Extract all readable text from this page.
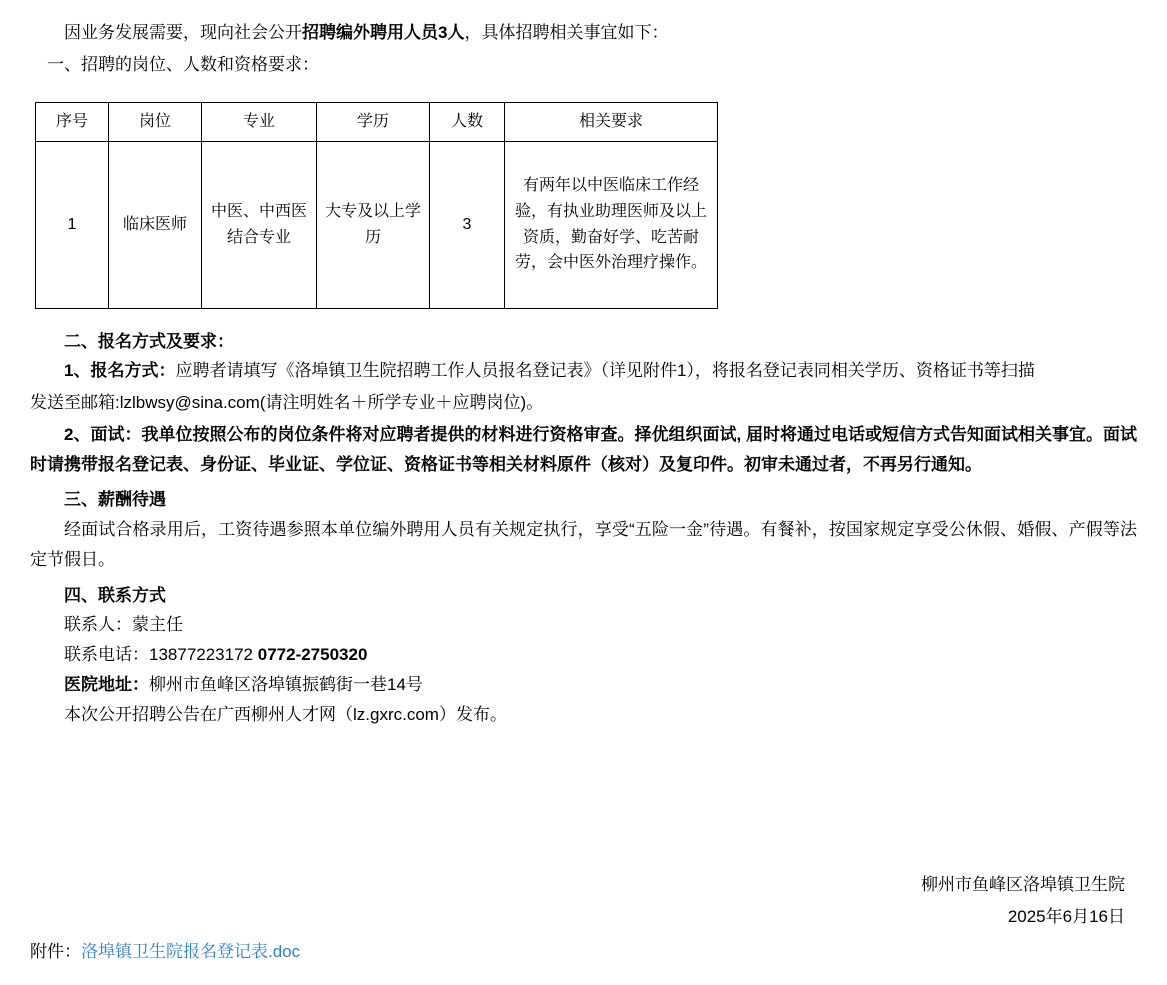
因业务发展需要，现向社会公开招聘编外聘用人员3人，具体招聘相关事宜如下：

一、招聘的岗位、人数和资格要求：

序号	岗位	专业	学历	人数	相关要求
1	临床医师	中医、中西医结合专业	大专及以上学历	3	有两年以中医临床工作经验，有执业助理医师及以上资质，勤奋好学、吃苦耐劳，会中医外治理疗操作。

二、报名方式及要求：

1、报名方式：应聘者请填写《洛埠镇卫生院招聘工作人员报名登记表》（详见附件1），将报名登记表同相关学历、资格证书等扫描

发送至邮箱:lzlbwsy@sina.com(请注明姓名＋所学专业＋应聘岗位)。

2、面试：我单位按照公布的岗位条件将对应聘者提供的材料进行资格审查。择优组织面试, 届时将通过电话或短信方式告知面试相关事宜。面试时请携带报名登记表、身份证、毕业证、学位证、资格证书等相关材料原件（核对）及复印件。初审未通过者，不再另行通知。

三、薪酬待遇

经面试合格录用后，工资待遇参照本单位编外聘用人员有关规定执行，享受“五险一金”待遇。有餐补，按国家规定享受公休假、婚假、产假等法定节假日。

四、联系方式

联系人：蒙主任

联系电话：13877223172 0772-2750320

医院地址：柳州市鱼峰区洛埠镇振鹤街一巷14号

本次公开招聘公告在广西柳州人才网（lz.gxrc.com）发布。

柳州市鱼峰区洛埠镇卫生院
2025年6月16日
附件：洛埠镇卫生院报名登记表.doc
